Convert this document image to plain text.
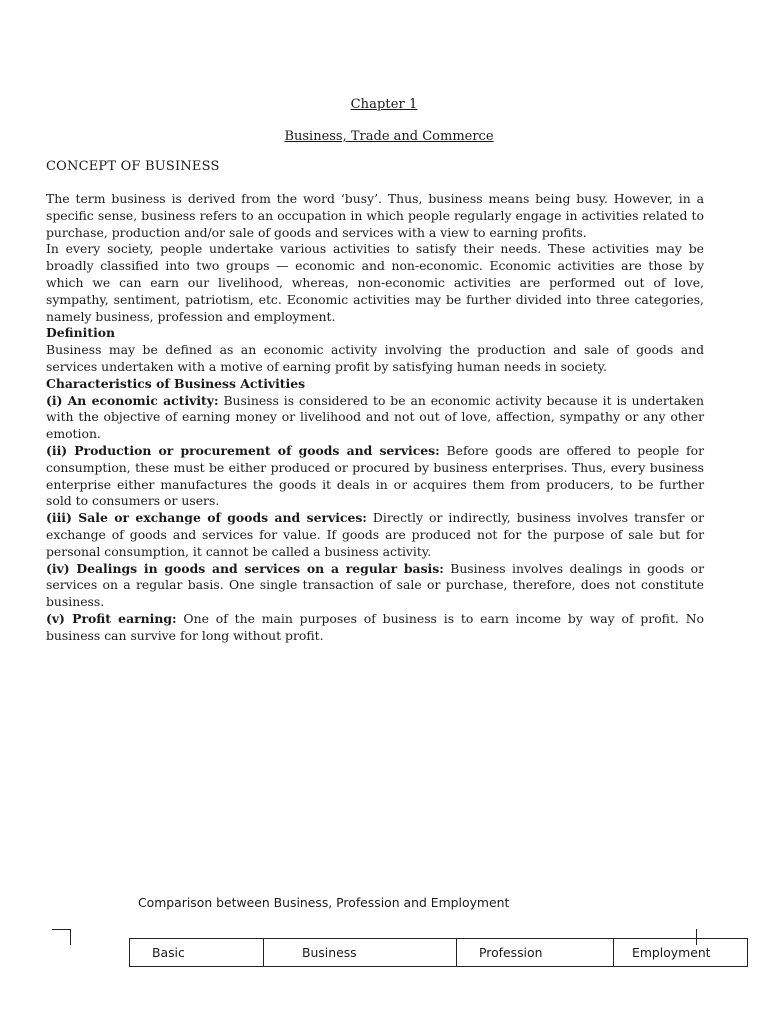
Chapter 1
Business, Trade and Commerce
CONCEPT OF BUSINESS

The term business is derived from the word ‘busy’. Thus, business means being busy. However, in a specific sense, business refers to an occupation in which people regularly engage in activities related to purchase, production and/or sale of goods and services with a view to earning profits.

In every society, people undertake various activities to satisfy their needs. These activities may be broadly classified into two groups — economic and non-economic. Economic activities are those by which we can earn our livelihood, whereas, non-economic activities are performed out of love, sympathy, sentiment, patriotism, etc. Economic activities may be further divided into three categories, namely business, profession and employment.

Definition

Business may be defined as an economic activity involving the production and sale of goods and services undertaken with a motive of earning profit by satisfying human needs in society.

Characteristics of Business Activities

(i) An economic activity: Business is considered to be an economic activity because it is undertaken with the objective of earning money or livelihood and not out of love, affection, sympathy or any other emotion.

(ii) Production or procurement of goods and services: Before goods are offered to people for consumption, these must be either produced or procured by business enterprises. Thus, every business enterprise either manufactures the goods it deals in or acquires them from producers, to be further sold to consumers or users.

(iii) Sale or exchange of goods and services: Directly or indirectly, business involves transfer or exchange of goods and services for value. If goods are produced not for the purpose of sale but for personal consumption, it cannot be called a business activity.

(iv) Dealings in goods and services on a regular basis: Business involves dealings in goods or services on a regular basis. One single transaction of sale or purchase, therefore, does not constitute business.

(v) Profit earning: One of the main purposes of business is to earn income by way of profit. No business can survive for long without profit.

Comparison between Business, Profession and Employment
Basic	Business	Profession	Employment
